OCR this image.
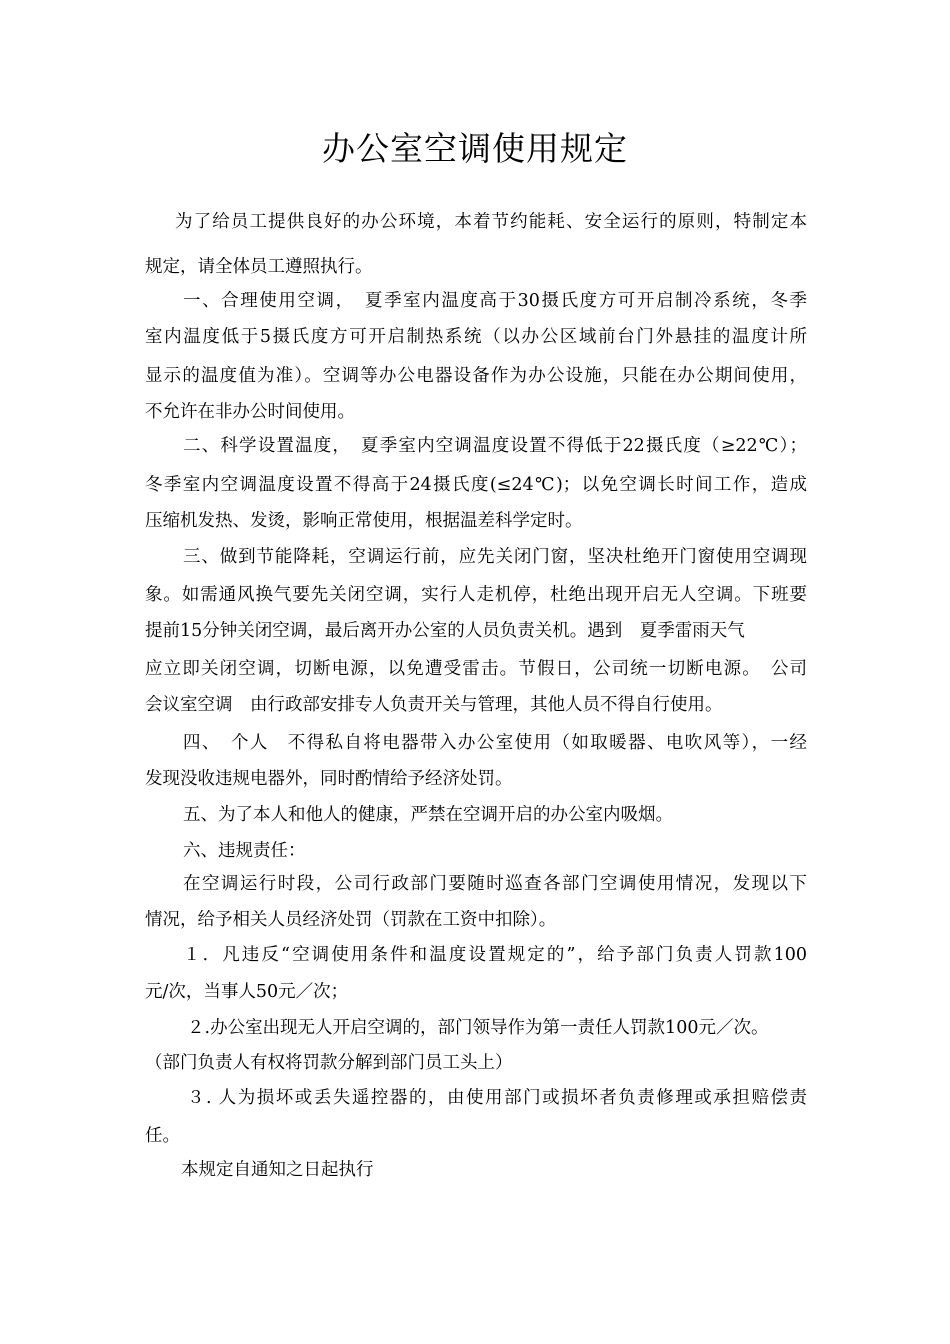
办公室空调使用规定
为了给员工提供良好的办公环境，本着节约能耗、安全运行的原则，特制定本
规定，请全体员工遵照执行。
一、合理使用空调，　夏季室内温度高于30摄氏度方可开启制冷系统，冬季
室内温度低于5摄氏度方可开启制热系统（以办公区域前台门外悬挂的温度计所
显示的温度值为准）。空调等办公电器设备作为办公设施，只能在办公期间使用，
不允许在非办公时间使用。
二、科学设置温度，　夏季室内空调温度设置不得低于22摄氏度（≥22℃）；
冬季室内空调温度设置不得高于24摄氏度(≤24℃)；以免空调长时间工作，造成
压缩机发热、发烫，影响正常使用，根据温差科学定时。
三、做到节能降耗，空调运行前，应先关闭门窗，坚决杜绝开门窗使用空调现
象。如需通风换气要先关闭空调，实行人走机停，杜绝出现开启无人空调。下班要
提前15分钟关闭空调，最后离开办公室的人员负责关机。遇到　夏季雷雨天气
应立即关闭空调，切断电源，以免遭受雷击。节假日，公司统一切断电源。　公司
会议室空调　由行政部安排专人负责开关与管理，其他人员不得自行使用。
四、　个人　不得私自将电器带入办公室使用（如取暖器、电吹风等），一经
发现没收违规电器外，同时酌情给予经济处罚。
五、为了本人和他人的健康，严禁在空调开启的办公室内吸烟。
六、违规责任：
在空调运行时段，公司行政部门要随时巡查各部门空调使用情况，发现以下
情况，给予相关人员经济处罚（罚款在工资中扣除）。
１．凡违反“空调使用条件和温度设置规定的”，给予部门负责人罚款100
元/次，当事人50元／次；
２.办公室出现无人开启空调的，部门领导作为第一责任人罚款100元／次。
（部门负责人有权将罚款分解到部门员工头上）
３. 人为损坏或丢失遥控器的，由使用部门或损坏者负责修理或承担赔偿责
任。
本规定自通知之日起执行
